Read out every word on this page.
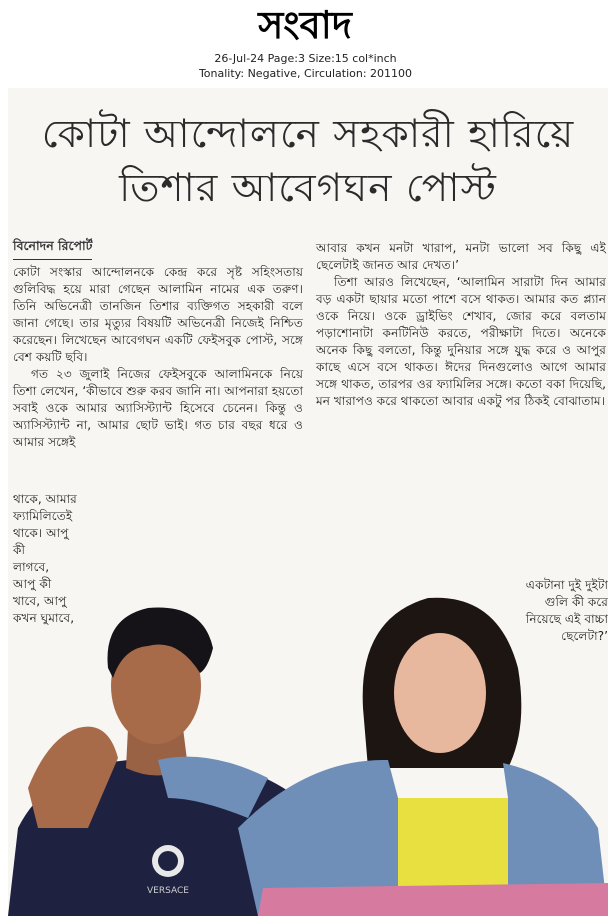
সংবাদ
26-Jul-24 Page:3 Size:15 col*inch
Tonality: Negative, Circulation: 201100
কোটা আন্দোলনে সহকারী হারিয়ে
তিশার আবেগঘন পোস্ট
বিনোদন রিপোর্ট

কোটা সংস্কার আন্দোলনকে কেন্দ্র করে সৃষ্ট সহিংসতায় গুলিবিদ্ধ হয়ে মারা গেছেন আলামিন নামের এক তরুণ। তিনি অভিনেত্রী তানজিন তিশার ব্যক্তিগত সহকারী বলে জানা গেছে। তার মৃত্যুর বিষয়টি অভিনেত্রী নিজেই নিশ্চিত করেছেন। লিখেছেন আবেগঘন একটি ফেইসবুক পোস্ট, সঙ্গে বেশ কয়টি ছবি।

গত ২৩ জুলাই নিজের ফেইসবুকে আলামিনকে নিয়ে তিশা লেখেন, ‘কীভাবে শুরু করব জানি না। আপনারা হয়তো সবাই ওকে আমার অ্যাসিস্ট্যান্ট হিসেবে চেনেন। কিন্তু ও অ্যাসিস্ট্যান্ট না, আমার ছোট ভাই। গত চার বছর ধরে ও আমার সঙ্গেই

থাকে, আমার
ফ্যামিলিতেই
থাকে। আপু
কী
লাগবে,
আপু কী
খাবে, আপু
কখন ঘুমাবে,

আবার কখন মনটা খারাপ, মনটা ভালো সব কিছু এই ছেলেটাই জানত আর দেখত।’

তিশা আরও লিখেছেন, ‘আলামিন সারাটা দিন আমার বড় একটা ছায়ার মতো পাশে বসে থাকত। আমার কত প্ল্যান ওকে নিয়ে। ওকে ড্রাইভিং শেখাব, জোর করে বলতাম পড়াশোনাটা কনটিনিউ করতে, পরীক্ষাটা দিতে। অনেকে অনেক কিছু বলতো, কিন্তু দুনিয়ার সঙ্গে যুদ্ধ করে ও আপুর কাছে এসে বসে থাকত। ঈদের দিনগুলোও আগে আমার সঙ্গে থাকত, তারপর ওর ফ্যামিলির সঙ্গে। কতো বকা দিয়েছি, মন খারাপও করে থাকতো আবার একটু পর ঠিকই বোঝাতাম।

একটানা দুই দুইটা
গুলি কী করে
নিয়েছে এই বাচ্চা
ছেলেটা?’
VERSACE
